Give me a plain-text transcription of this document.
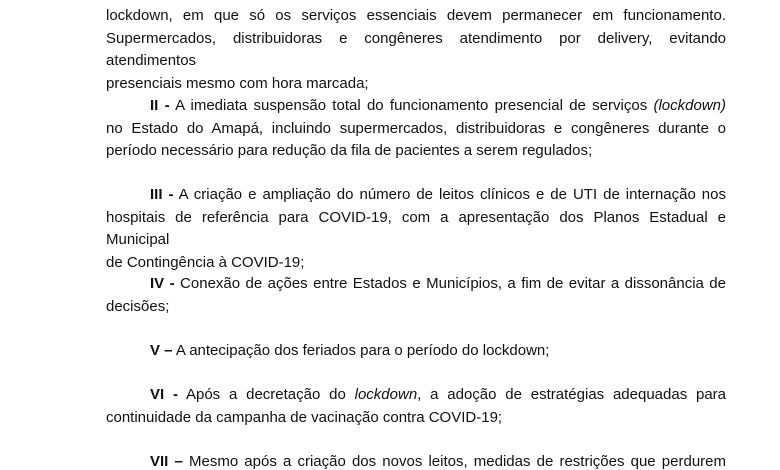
lockdown, em que só os serviços essenciais devem permanecer em funcionamento.
Supermercados, distribuidoras e congêneres atendimento por delivery, evitando atendimentos
presenciais mesmo com hora marcada;
II - A imediata suspensão total do funcionamento presencial de serviços (lockdown)
no Estado do Amapá, incluindo supermercados, distribuidoras e congêneres durante o
período necessário para redução da fila de pacientes a serem regulados;
III - A criação e ampliação do número de leitos clínicos e de UTI de internação nos
hospitais de referência para COVID-19, com a apresentação dos Planos Estadual e Municipal
de Contingência à COVID-19;
IV - Conexão de ações entre Estados e Municípios, a fim de evitar a dissonância de
decisões;
V – A antecipação dos feriados para o período do lockdown;
VI - Após a decretação do lockdown, a adoção de estratégias adequadas para
continuidade da campanha de vacinação contra COVID-19;
VII – Mesmo após a criação dos novos leitos, medidas de restrições que perdurem
